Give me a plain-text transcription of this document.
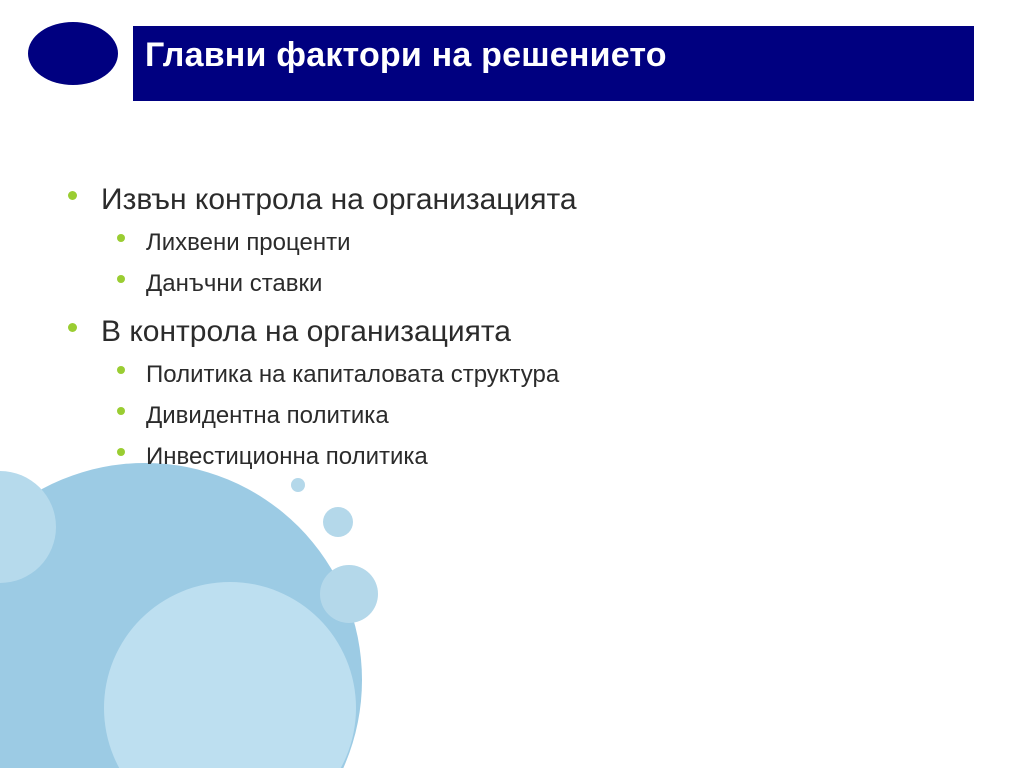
Главни фактори на решението
Извън контрола на организацията
Лихвени проценти
Данъчни ставки
В контрола на организацията
Политика на капиталовата структура
Дивидентна политика
Инвестиционна политика
